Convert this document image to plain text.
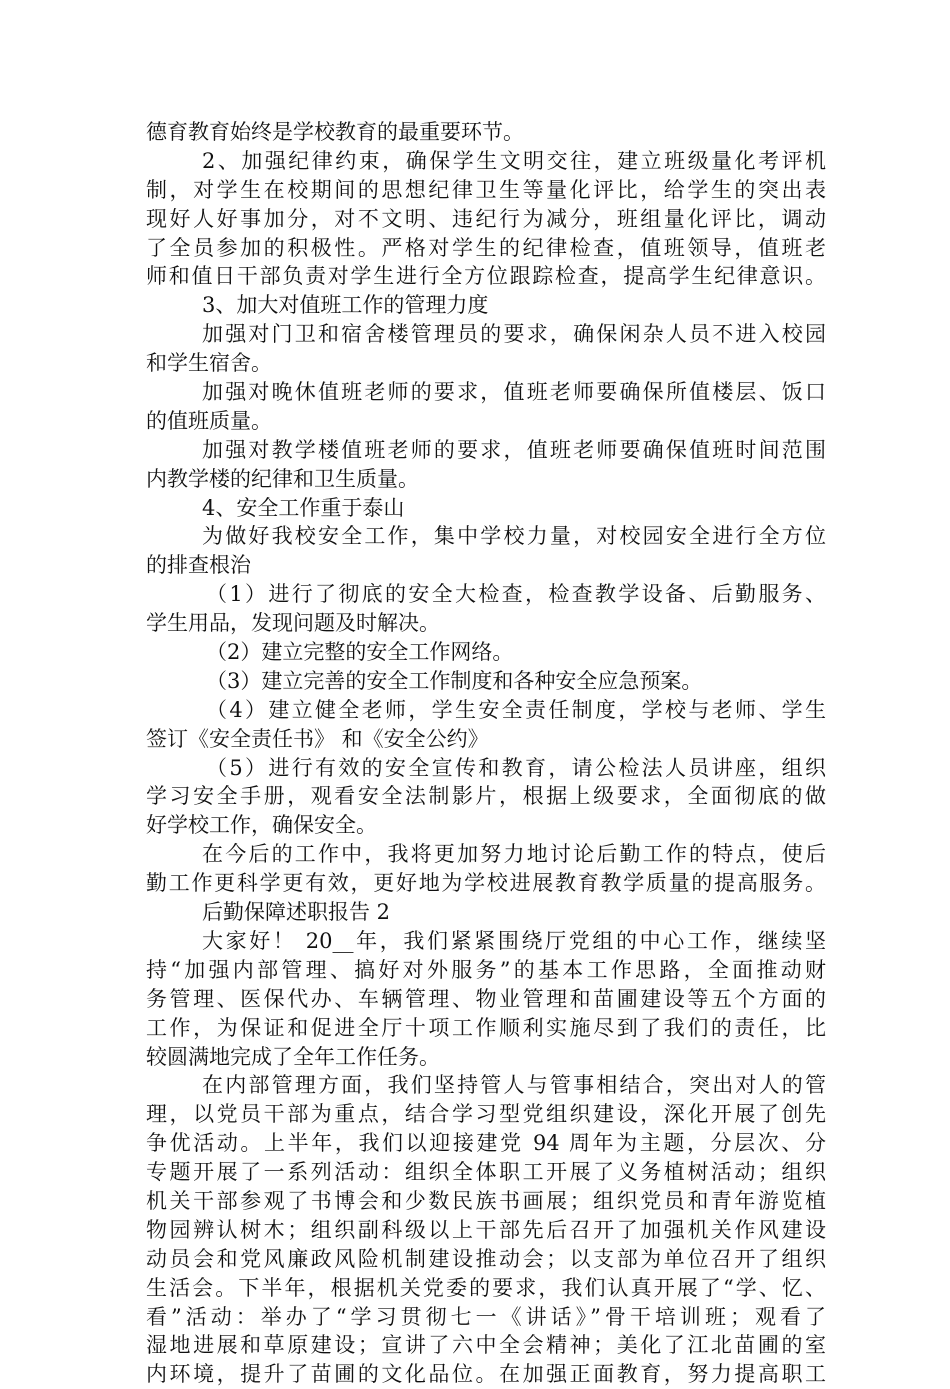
德育教育始终是学校教育的最重要环节。
2、加强纪律约束，确保学生文明交往，建立班级量化考评机
制，对学生在校期间的思想纪律卫生等量化评比，给学生的突出表
现好人好事加分，对不文明、违纪行为减分，班组量化评比，调动
了全员参加的积极性。严格对学生的纪律检查，值班领导，值班老
师和值日干部负责对学生进行全方位跟踪检查，提高学生纪律意识。
3、加大对值班工作的管理力度
加强对门卫和宿舍楼管理员的要求，确保闲杂人员不进入校园
和学生宿舍。
加强对晚休值班老师的要求，值班老师要确保所值楼层、饭口
的值班质量。
加强对教学楼值班老师的要求，值班老师要确保值班时间范围
内教学楼的纪律和卫生质量。
4、安全工作重于泰山
为做好我校安全工作，集中学校力量，对校园安全进行全方位
的排查根治
（1）进行了彻底的安全大检查，检查教学设备、后勤服务、
学生用品，发现问题及时解决。
（2）建立完整的安全工作网络。
（3）建立完善的安全工作制度和各种安全应急预案。
（4）建立健全老师，学生安全责任制度，学校与老师、学生
签订《安全责任书》 和《安全公约》
（5）进行有效的安全宣传和教育，请公检法人员讲座，组织
学习安全手册，观看安全法制影片，根据上级要求，全面彻底的做
好学校工作，确保安全。
在今后的工作中，我将更加努力地讨论后勤工作的特点，使后
勤工作更科学更有效，更好地为学校进展教育教学质量的提高服务。
后勤保障述职报告 2
大家好！ 20__年，我们紧紧围绕厅党组的中心工作，继续坚
持“加强内部管理、搞好对外服务”的基本工作思路，全面推动财
务管理、医保代办、车辆管理、物业管理和苗圃建设等五个方面的
工作，为保证和促进全厅十项工作顺利实施尽到了我们的责任，比
较圆满地完成了全年工作任务。
在内部管理方面，我们坚持管人与管事相结合，突出对人的管
理，以党员干部为重点，结合学习型党组织建设，深化开展了创先
争优活动。上半年，我们以迎接建党 94 周年为主题，分层次、分
专题开展了一系列活动：组织全体职工开展了义务植树活动；组织
机关干部参观了书博会和少数民族书画展；组织党员和青年游览植
物园辨认树木；组织副科级以上干部先后召开了加强机关作风建设
动员会和党风廉政风险机制建设推动会；以支部为单位召开了组织
生活会。下半年，根据机关党委的要求，我们认真开展了“学、忆、
看”活动：举办了“学习贯彻七一《讲话》”骨干培训班；观看了
湿地进展和草原建设；宣讲了六中全会精神；美化了江北苗圃的室
内环境，提升了苗圃的文化品位。在加强正面教育，努力提高职工
